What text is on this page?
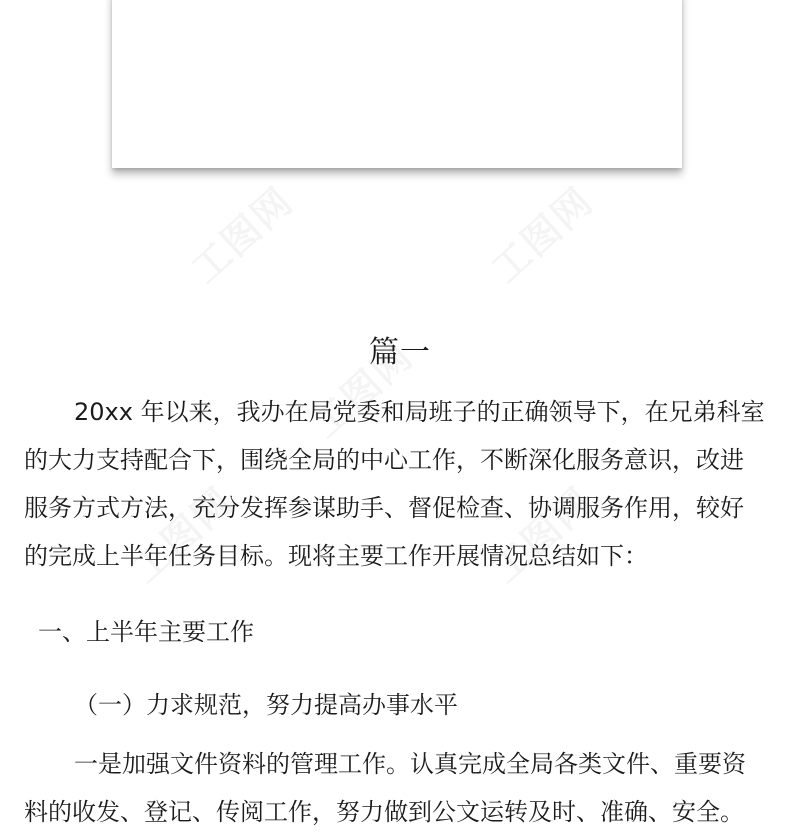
篇一
20xx 年以来，我办在局党委和局班子的正确领导下，在兄弟科室
的大力支持配合下，围绕全局的中心工作，不断深化服务意识，改进
服务方式方法，充分发挥参谋助手、督促检查、协调服务作用，较好
的完成上半年任务目标。现将主要工作开展情况总结如下：
一、上半年主要工作
（一）力求规范，努力提高办事水平
一是加强文件资料的管理工作。认真完成全局各类文件、重要资
料的收发、登记、传阅工作，努力做到公文运转及时、准确、安全。
